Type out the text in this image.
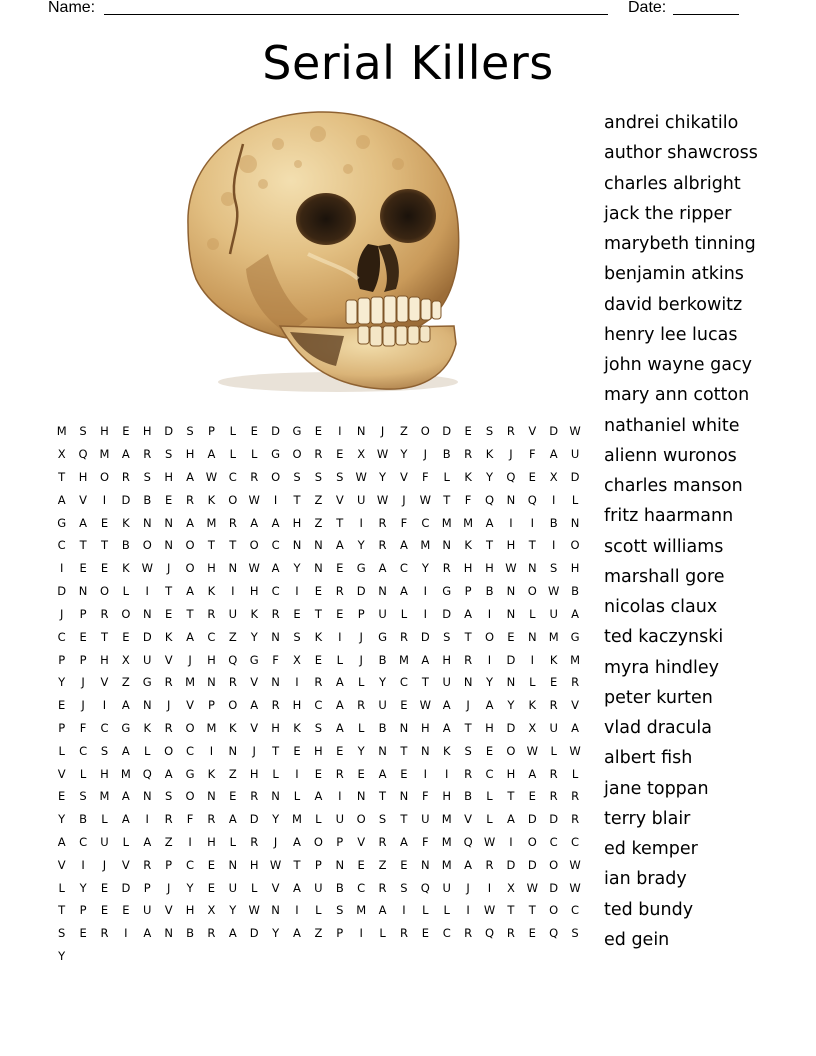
Name:	Date:
Serial Killers
M	S	H	E	H	D	S	P	L	E	D	G	E	I	N	J	Z	O	D	E	S	R	V	D W
X	Q	M	A	R	S	H	A	L	L	G	O	R	E	X	W	Y	J	B	R	K	J	F	A	U
T	H	O	R	S	H	A	W	C	R	O	S	S	S	W	Y	V	F	L	K	Y	Q	E	X	D
A	V	I	D	B	E	R	K	O W	I	T	Z	V	U W	J	W	T	F	Q	N	Q	I	L
G	A	E	K	N	N	A	M	R	A	A	H	Z	T	I	R	F	C	M M	A	I	I	B	N
C	T	T	B	O	N	O	T	T	O	C	N	N	A	Y	R	A	M	N	K	T	H	T	I	O
I	E	E	K	W	J	O	H	N W	A	Y	N	E	G	A	C	Y	R	H	H W N	S	H
D	N	O	L	I	T	A	K	I	H	C	I	E	R	D	N	A	I	G	P	B	N	O W	B
J	P	R	O	N	E	T	R	U	K	R	E	T	E	P	U	L	I	D	A	I	N	L	U	A
C	E	T	E	D	K	A	C	Z	Y	N	S	K	I	J	G	R	D	S	T	O	E	N	M	G
P	P	H	X	U	V	J	H	Q	G	F	X	E	L	J	B	M	A	H	R	I	D	I	K	M
Y	J	V	Z	G	R	M	N	R	V	N	I	R	A	L	Y	C	T	U	N	Y	N	L	E	R
E	J	I	A	N	J	V	P	O	A	R	H	C	A	R	U	E	W	A	J	A	Y	K	R	V
P	F	C	G	K	R	O	M	K	V	H	K	S	A	L	B	N	H	A	T	H	D	X	U	A
L	C	S	A	L	O	C	I	N	J	T	E	H	E	Y	N	T	N	K	S	E	O W	L	W
V	L	H	M	Q	A	G	K	Z	H	L	I	E	R	E	A	E	I	I	R	C	H	A	R	L
E	S	M	A	N	S	O	N	E	R	N	L	A	I	N	T	N	F	H	B	L	T	E	R	R
Y	B	L	A	I	R	F	R	A	D	Y	M	L	U	O	S	T	U	M	V	L	A	D	D	R
A	C	U	L	A	Z	I	H	L	R	J	A	O	P	V	R	A	F	M	Q W	I	O	C	C
V	I	J	V	R	P	C	E	N	H W	T	P	N	E	Z	E	N	M	A	R	D	D	O W
L	Y	E	D	P	J	Y	E	U	L	V	A	U	B	C	R	S	Q	U	J	I	X	W D W
T	P	E	E	U	V	H	X	Y	W N	I	L	S	M	A	I	L	L	I	W	T	T	O	C
S	E	R	I	A	N	B	R	A	D	Y	A	Z	P	I	L	R	E	C	R	Q	R	E	Q	S
Y
andrei chikatilo
author shawcross
charles albright
jack the ripper
marybeth tinning
benjamin atkins
david berkowitz
henry lee lucas
john wayne gacy
mary ann cotton
nathaniel white
alienn wuronos
charles manson
fritz haarmann
scott williams
marshall gore
nicolas claux
ted kaczynski
myra hindley
peter kurten
vlad dracula
albert fish
jane toppan
terry blair
ed kemper
ian brady
ted bundy
ed gein
